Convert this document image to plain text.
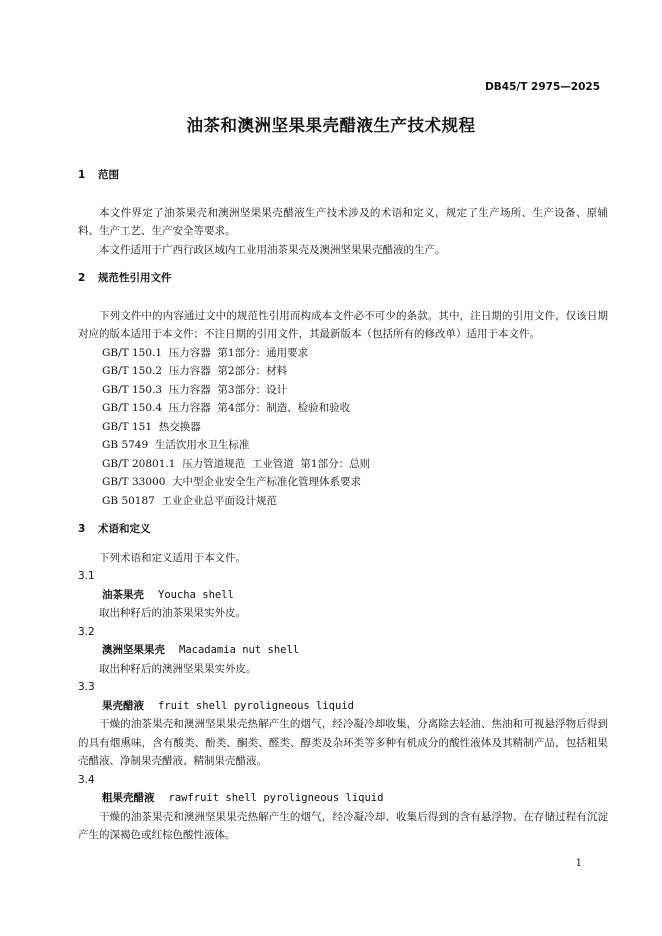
DB45/T 2975—2025
油茶和澳洲坚果果壳醋液生产技术规程
1 范围

本文件界定了油茶果壳和澳洲坚果果壳醋液生产技术涉及的术语和定义，规定了生产场所、生产设备、原辅料、生产工艺、生产安全等要求。

本文件适用于广西行政区域内工业用油茶果壳及澳洲坚果果壳醋液的生产。

2 规范性引用文件

下列文件中的内容通过文中的规范性引用而构成本文件必不可少的条款。其中，注日期的引用文件，仅该日期对应的版本适用于本文件；不注日期的引用文件，其最新版本（包括所有的修改单）适用于本文件。

GB/T 150.1  压力容器  第1部分：通用要求

GB/T 150.2  压力容器  第2部分：材料

GB/T 150.3  压力容器  第3部分：设计

GB/T 150.4  压力容器  第4部分：制造、检验和验收

GB/T 151  热交换器

GB 5749  生活饮用水卫生标准

GB/T 20801.1  压力管道规范  工业管道  第1部分：总则

GB/T 33000  大中型企业安全生产标准化管理体系要求

GB 50187  工业企业总平面设计规范

3 术语和定义

下列术语和定义适用于本文件。

3.1
油茶果壳 Youcha shell

取出种籽后的油茶果果实外皮。

3.2
澳洲坚果果壳 Macadamia nut shell

取出种籽后的澳洲坚果果实外皮。

3.3
果壳醋液 fruit shell pyroligneous liquid

干燥的油茶果壳和澳洲坚果果壳热解产生的烟气，经冷凝冷却收集，分离除去轻油、焦油和可视悬浮物后得到的具有烟熏味，含有酸类、酚类、酮类、醛类、醇类及杂环类等多种有机成分的酸性液体及其精制产品，包括粗果壳醋液、净制果壳醋液、精制果壳醋液。

3.4
粗果壳醋液 rawfruit shell pyroligneous liquid

干燥的油茶果壳和澳洲坚果果壳热解产生的烟气，经冷凝冷却、收集后得到的含有悬浮物、在存储过程有沉淀产生的深褐色或红棕色酸性液体。

1
